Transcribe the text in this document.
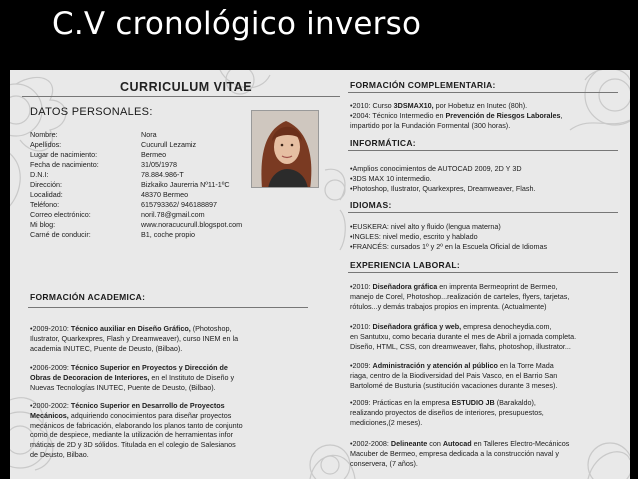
C.V cronológico inverso
CURRICULUM VITAE
DATOS PERSONALES:
Nombre:	Nora
Apellidos:	Cucurull Lezamiz
Lugar de nacimiento:	Bermeo
Fecha de nacimiento:	31/05/1978
D.N.I:	78.884.986-T
Dirección:	Bizkaiko Jaurerria Nº11-1ºC
Localidad:	48370 Bermeo
Teléfono:	615793362/ 946188897
Correo electrónico:	noril.78@gmail.com
Mi blog:	www.noracucurull.blogspot.com
Carné de conducir:	B1, coche propio
FORMACIÓN ACADEMICA:
•2009-2010: Técnico auxiliar en Diseño Gráfico, (Photoshop,
Ilustrator, Quarkexpres, Flash y Dreamweaver), curso INEM en la
academia INUTEC, Puente de Deusto, (Bilbao).
•2006-2009: Técnico Superior en Proyectos y Dirección de
Obras de Decoracion de Interiores, en el Instituto de Diseño y
Nuevas Tecnologías INUTEC, Puente de Deusto, (Bilbao).
•2000-2002: Técnico Superior en Desarrollo de Proyectos
Mecánicos, adquiriendo conocimientos para diseñar proyectos
mecánicos de fabricación, elaborando los planos tanto de conjunto
como de despiece, mediante la utilización de herramientas infor
máticas de 2D y 3D sólidos. Titulada en el colegio de Salesianos
de Deusto, Bilbao.
FORMACIÓN COMPLEMENTARIA:
•2010: Curso 3DSMAX10, por Hobetuz en Inutec (80h).
•2004: Técnico Intermedio en Prevención de Riesgos Laborales,
impartido por la Fundación Formental (300 horas).
INFORMÁTICA:
•Amplios conocimientos de AUTOCAD 2009, 2D Y 3D
•3DS MAX 10 intermedio.
•Photoshop, Ilustrator, Quarkexpres, Dreamweaver, Flash.
IDIOMAS:
•EUSKERA: nivel alto y fluido (lengua materna)
•INGLES: nivel medio, escrito y hablado
•FRANCÉS: cursados 1º y 2º en la Escuela Oficial de Idiomas
EXPERIENCIA LABORAL:
•2010: Diseñadora gráfica en imprenta Bermeoprint de Bermeo,
manejo de Corel, Photoshop...realización de carteles, flyers, tarjetas,
rótulos...y demás trabajos propios en imprenta. (Actualmente)
•2010: Diseñadora gráfica y web, empresa denocheydia.com,
en Santutxu, como becaria durante el mes de Abril a jornada completa.
Diseño, HTML, CSS, con dreamweaver, flahs, photoshop, illustrator...
•2009: Administración y atención al público en la Torre Mada
riaga, centro de la Biodiversidad del Pais Vasco, en el Barrio San
Bartolomé de Busturia (sustitución vacaciones durante 3 meses).
•2009: Prácticas en la empresa ESTUDIO JB (Barakaldo),
realizando proyectos de diseños de interiores, presupuestos,
mediciones,(2 meses).
•2002-2008: Delineante con Autocad en Talleres Electro-Mecánicos
Macuber de Bermeo, empresa dedicada a la construcción naval y
conservera, (7 años).
